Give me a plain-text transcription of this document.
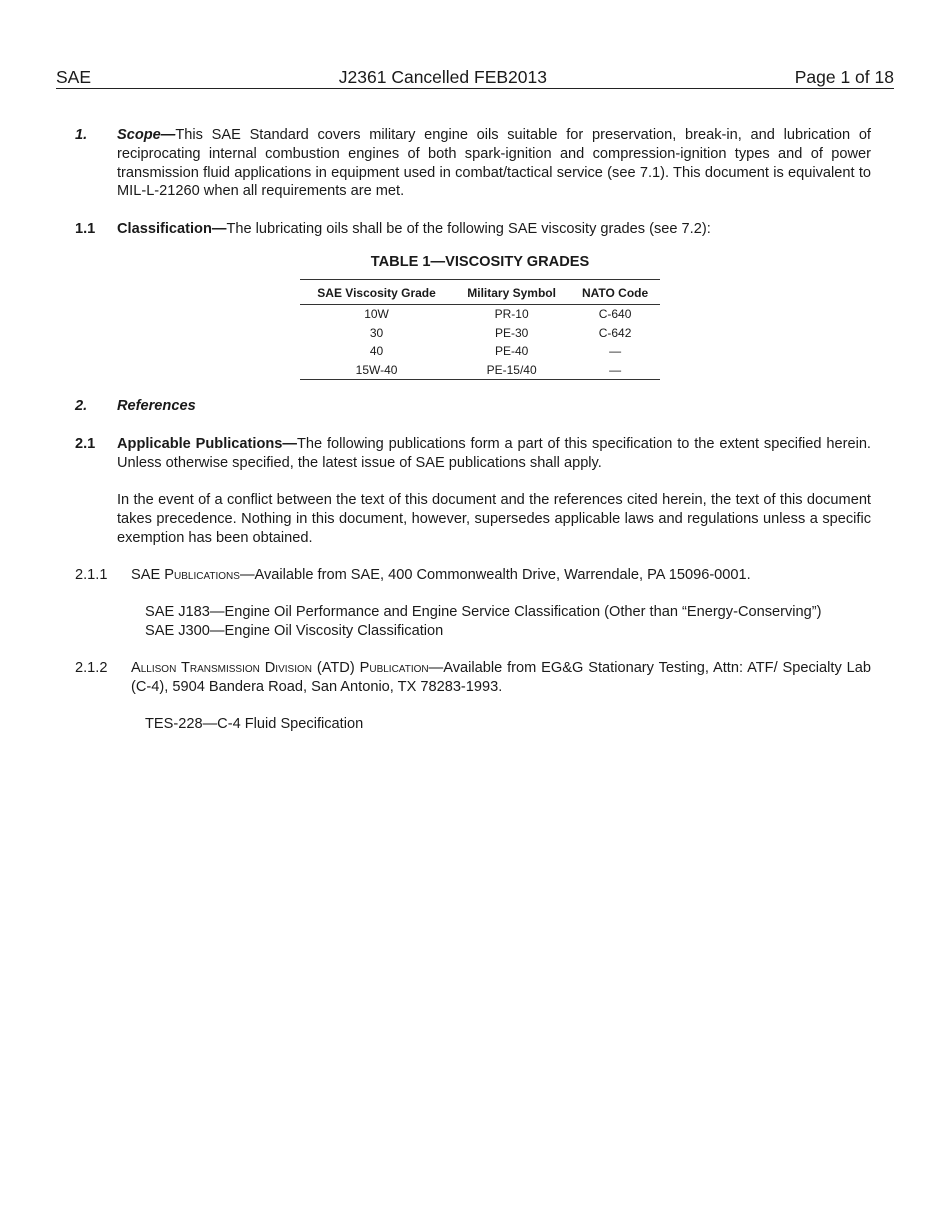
SAE	J2361 Cancelled FEB2013	Page 1 of 18
1. Scope—This SAE Standard covers military engine oils suitable for preservation, break-in, and lubrication of reciprocating internal combustion engines of both spark-ignition and compression-ignition types and of power transmission fluid applications in equipment used in combat/tactical service (see 7.1). This document is equivalent to MIL-L-21260 when all requirements are met.
1.1 Classification—The lubricating oils shall be of the following SAE viscosity grades (see 7.2):
TABLE 1—VISCOSITY GRADES
SAE Viscosity Grade	Military Symbol	NATO Code
10W	PR-10	C-640
30	PE-30	C-642
40	PE-40	—
15W-40	PE-15/40	—
2. References
2.1 Applicable Publications—The following publications form a part of this specification to the extent specified herein. Unless otherwise specified, the latest issue of SAE publications shall apply.
In the event of a conflict between the text of this document and the references cited herein, the text of this document takes precedence. Nothing in this document, however, supersedes applicable laws and regulations unless a specific exemption has been obtained.
2.1.1 SAE Publications—Available from SAE, 400 Commonwealth Drive, Warrendale, PA 15096-0001.
SAE J183—Engine Oil Performance and Engine Service Classification (Other than “Energy-Conserving”)
SAE J300—Engine Oil Viscosity Classification
2.1.2 Allison Transmission Division (ATD) Publication—Available from EG&G Stationary Testing, Attn: ATF/ Specialty Lab (C-4), 5904 Bandera Road, San Antonio, TX 78283-1993.
TES-228—C-4 Fluid Specification
